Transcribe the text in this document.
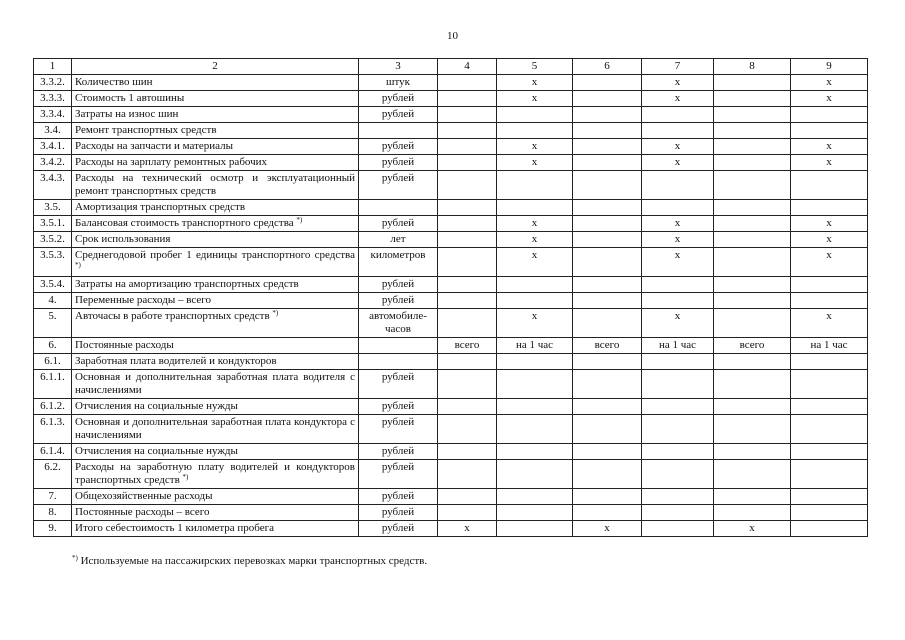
10
1	2	3	4	5	6	7	8	9
3.3.2.	Количество шин	штук		x		x		x
3.3.3.	Стоимость 1 автошины	рублей		x		x		x
3.3.4.	Затраты на износ шин	рублей						
3.4.	Ремонт транспортных средств							
3.4.1.	Расходы на запчасти и материалы	рублей		x		x		x
3.4.2.	Расходы на зарплату ремонтных рабочих	рублей		x		x		x
3.4.3.	Расходы на технический осмотр и эксплуатационный ремонт транспортных средств	рублей						
3.5.	Амортизация транспортных средств							
3.5.1.	Балансовая стоимость транспортного средства *)	рублей		x		x		x
3.5.2.	Срок использования	лет		x		x		x
3.5.3.	Среднегодовой пробег 1 единицы транспортного средства *)	километров		x		x		x
3.5.4.	Затраты на амортизацию транспортных средств	рублей						
4.	Переменные расходы – всего	рублей						
5.	Авточасы в работе транспортных средств *)	автомобиле-часов		x		x		x
6.	Постоянные расходы		всего	на 1 час	всего	на 1 час	всего	на 1 час
6.1.	Заработная плата водителей и кондукторов							
6.1.1.	Основная и дополнительная заработная плата водителя с начислениями	рублей						
6.1.2.	Отчисления на социальные нужды	рублей						
6.1.3.	Основная и дополнительная заработная плата кондуктора с начислениями	рублей						
6.1.4.	Отчисления на социальные нужды	рублей						
6.2.	Расходы на заработную плату водителей и кондукторов транспортных средств *)	рублей						
7.	Общехозяйственные расходы	рублей						
8.	Постоянные расходы – всего	рублей						
9.	Итого себестоимость 1 километра пробега	рублей	x		x		x	
*) Используемые на пассажирских перевозках марки транспортных средств.
